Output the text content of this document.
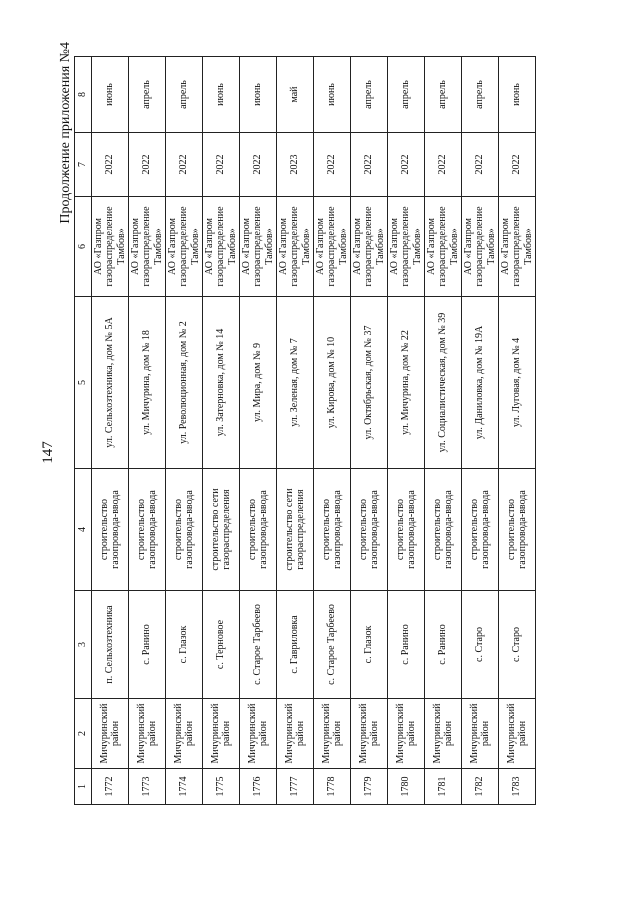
147
Продолжение приложения №4
1	2	3	4	5	6	7	8
1772	Мичуринский район	п. Сельхозтехника	строительство газопровода-ввода	ул. Сельхозтехника, дом № 5А	АО «Газпром газораспределение Тамбов»	2022	июнь
1773	Мичуринский район	с. Ранино	строительство газопровода-ввода	ул. Мичурина, дом № 18	АО «Газпром газораспределение Тамбов»	2022	апрель
1774	Мичуринский район	с. Глазок	строительство газопровода-ввода	ул. Революционная, дом № 2	АО «Газпром газораспределение Тамбов»	2022	апрель
1775	Мичуринский район	с. Терновое	строительство сети газораспределения	ул. Затерновка, дом № 14	АО «Газпром газораспределение Тамбов»	2022	июнь
1776	Мичуринский район	с. Старое Тарбеево	строительство газопровода-ввода	ул. Мира, дом № 9	АО «Газпром газораспределение Тамбов»	2022	июнь
1777	Мичуринский район	с. Гавриловка	строительство сети газораспределения	ул. Зеленая, дом № 7	АО «Газпром газораспределение Тамбов»	2023	май
1778	Мичуринский район	с. Старое Тарбеево	строительство газопровода-ввода	ул. Кирова, дом № 10	АО «Газпром газораспределение Тамбов»	2022	июнь
1779	Мичуринский район	с. Глазок	строительство газопровода-ввода	ул. Октябрьская, дом № 37	АО «Газпром газораспределение Тамбов»	2022	апрель
1780	Мичуринский район	с. Ранино	строительство газопровода-ввода	ул. Мичурина, дом № 22	АО «Газпром газораспределение Тамбов»	2022	апрель
1781	Мичуринский район	с. Ранино	строительство газопровода-ввода	ул. Социалистическая, дом № 39	АО «Газпром газораспределение Тамбов»	2022	апрель
1782	Мичуринский район	с. Старо	строительство газопровода-ввода	ул. Даниловка, дом № 19А	АО «Газпром газораспределение Тамбов»	2022	апрель
1783	Мичуринский район	с. Старо	строительство газопровода-ввода	ул. Луговая, дом № 4	АО «Газпром газораспределение Тамбов»	2022	июнь
